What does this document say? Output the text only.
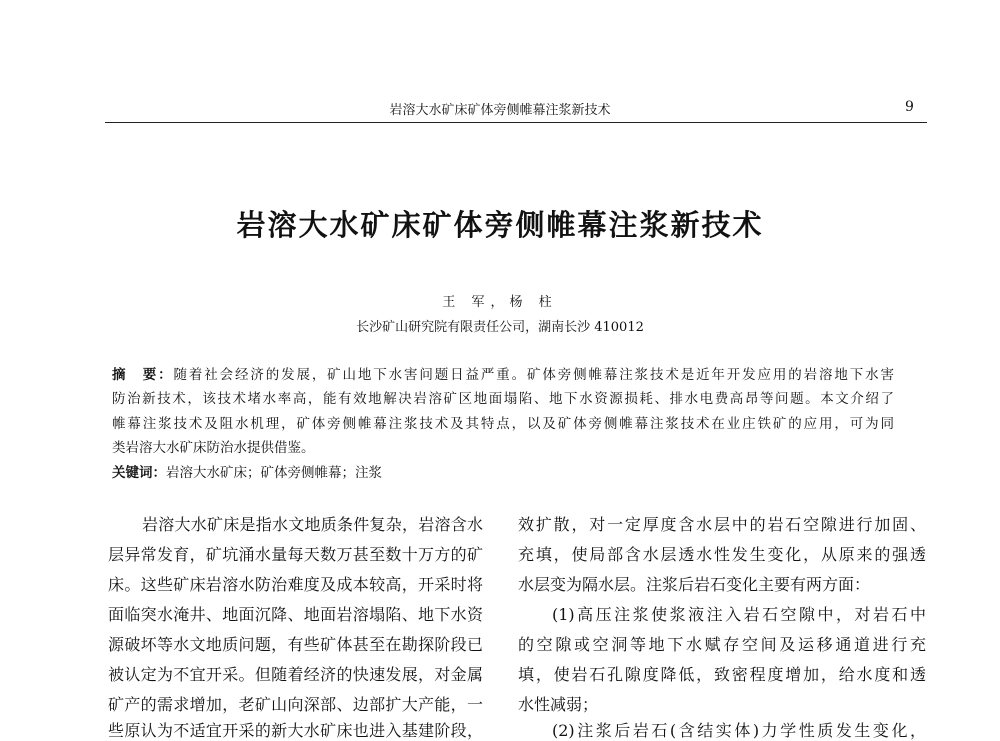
岩溶大水矿床矿体旁侧帷幕注浆新技术	9
岩溶大水矿床矿体旁侧帷幕注浆新技术
王 军，杨 柱
长沙矿山研究院有限责任公司，湖南长沙 410012
摘　要：随着社会经济的发展，矿山地下水害问题日益严重。矿体旁侧帷幕注浆技术是近年开发应用的岩溶地下水害
防治新技术，该技术堵水率高，能有效地解决岩溶矿区地面塌陷、地下水资源损耗、排水电费高昂等问题。本文介绍了
帷幕注浆技术及阻水机理，矿体旁侧帷幕注浆技术及其特点，以及矿体旁侧帷幕注浆技术在业庄铁矿的应用，可为同
类岩溶大水矿床防治水提供借鉴。
关键词：岩溶大水矿床；矿体旁侧帷幕；注浆
岩溶大水矿床是指水文地质条件复杂，岩溶含水
层异常发育，矿坑涌水量每天数万甚至数十万方的矿
床。这些矿床岩溶水防治难度及成本较高，开采时将
面临突水淹井、地面沉降、地面岩溶塌陷、地下水资
源破坏等水文地质问题，有些矿体甚至在勘探阶段已
被认定为不宜开采。但随着经济的快速发展，对金属
矿产的需求增加，老矿山向深部、边部扩大产能，一
些原认为不适宜开采的新大水矿床也进入基建阶段，
效扩散，对一定厚度含水层中的岩石空隙进行加固、
充填，使局部含水层透水性发生变化，从原来的强透
水层变为隔水层。注浆后岩石变化主要有两方面：
(1)高压注浆使浆液注入岩石空隙中，对岩石中
的空隙或空洞等地下水赋存空间及运移通道进行充
填，使岩石孔隙度降低，致密程度增加，给水度和透
水性减弱；
(2)注浆后岩石(含结实体)力学性质发生变化，
